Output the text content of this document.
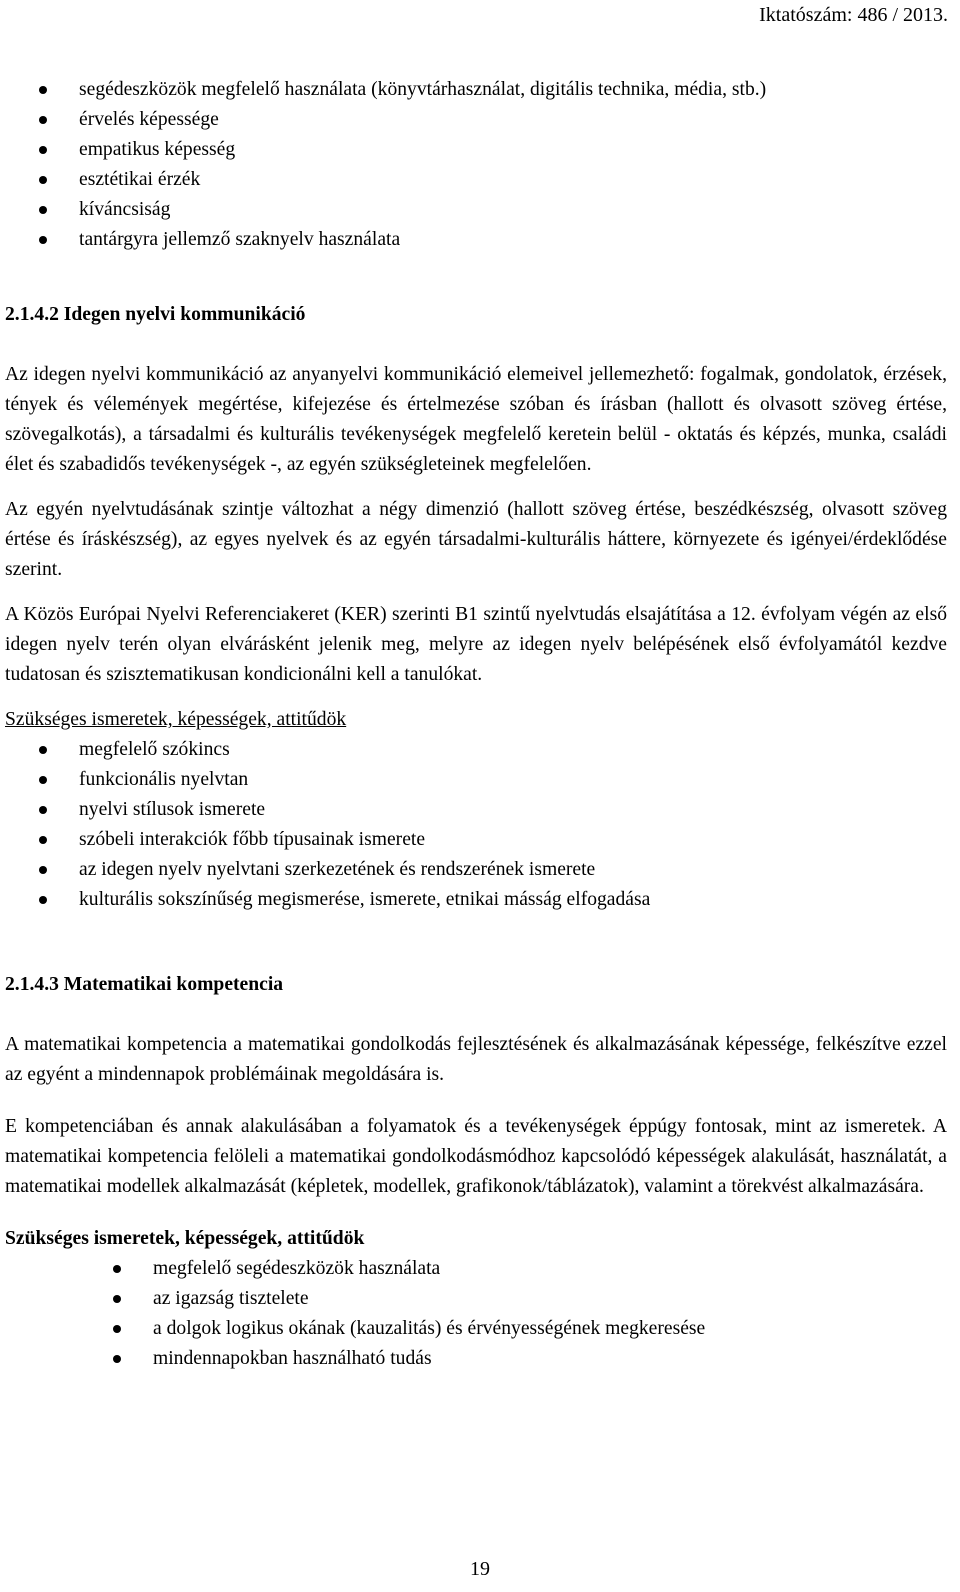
Iktatószám: 486 / 2013.
segédeszközök megfelelő használata (könyvtárhasználat, digitális technika, média, stb.)
érvelés képessége
empatikus képesség
esztétikai érzék
kíváncsiság
tantárgyra jellemző szaknyelv használata
2.1.4.2 Idegen nyelvi kommunikáció

Az idegen nyelvi kommunikáció az anyanyelvi kommunikáció elemeivel jellemezhető: fogalmak, gondolatok, érzések, tények és vélemények megértése, kifejezése és értelmezése szóban és írásban (hallott és olvasott szöveg értése, szövegalkotás), a társadalmi és kulturális tevékenységek megfelelő keretein belül - oktatás és képzés, munka, családi élet és szabadidős tevékenységek -, az egyén szükségleteinek megfelelően.

Az egyén nyelvtudásának szintje változhat a négy dimenzió (hallott szöveg értése, beszédkészség, olvasott szöveg értése és íráskészség), az egyes nyelvek és az egyén társadalmi-kulturális háttere, környezete és igényei/érdeklődése szerint.

A Közös Európai Nyelvi Referenciakeret (KER) szerinti B1 szintű nyelvtudás elsajátítása a 12. évfolyam végén az első idegen nyelv terén olyan elvárásként jelenik meg, melyre az idegen nyelv belépésének első évfolyamától kezdve tudatosan és szisztematikusan kondicionálni kell a tanulókat.

Szükséges ismeretek, képességek, attitűdök
megfelelő szókincs
funkcionális nyelvtan
nyelvi stílusok ismerete
szóbeli interakciók főbb típusainak ismerete
az idegen nyelv nyelvtani szerkezetének és rendszerének ismerete
kulturális sokszínűség megismerése, ismerete, etnikai másság elfogadása
2.1.4.3 Matematikai kompetencia

A matematikai kompetencia a matematikai gondolkodás fejlesztésének és alkalmazásának képessége, felkészítve ezzel az egyént a mindennapok problémáinak megoldására is.

E kompetenciában és annak alakulásában a folyamatok és a tevékenységek éppúgy fontosak, mint az ismeretek. A matematikai kompetencia felöleli a matematikai gondolkodásmódhoz kapcsolódó képességek alakulását, használatát, a matematikai modellek alkalmazását (képletek, modellek, grafikonok/táblázatok), valamint a törekvést alkalmazására.

Szükséges ismeretek, képességek, attitűdök
megfelelő segédeszközök használata
az igazság tisztelete
a dolgok logikus okának (kauzalitás) és érvényességének megkeresése
mindennapokban használható tudás
19
